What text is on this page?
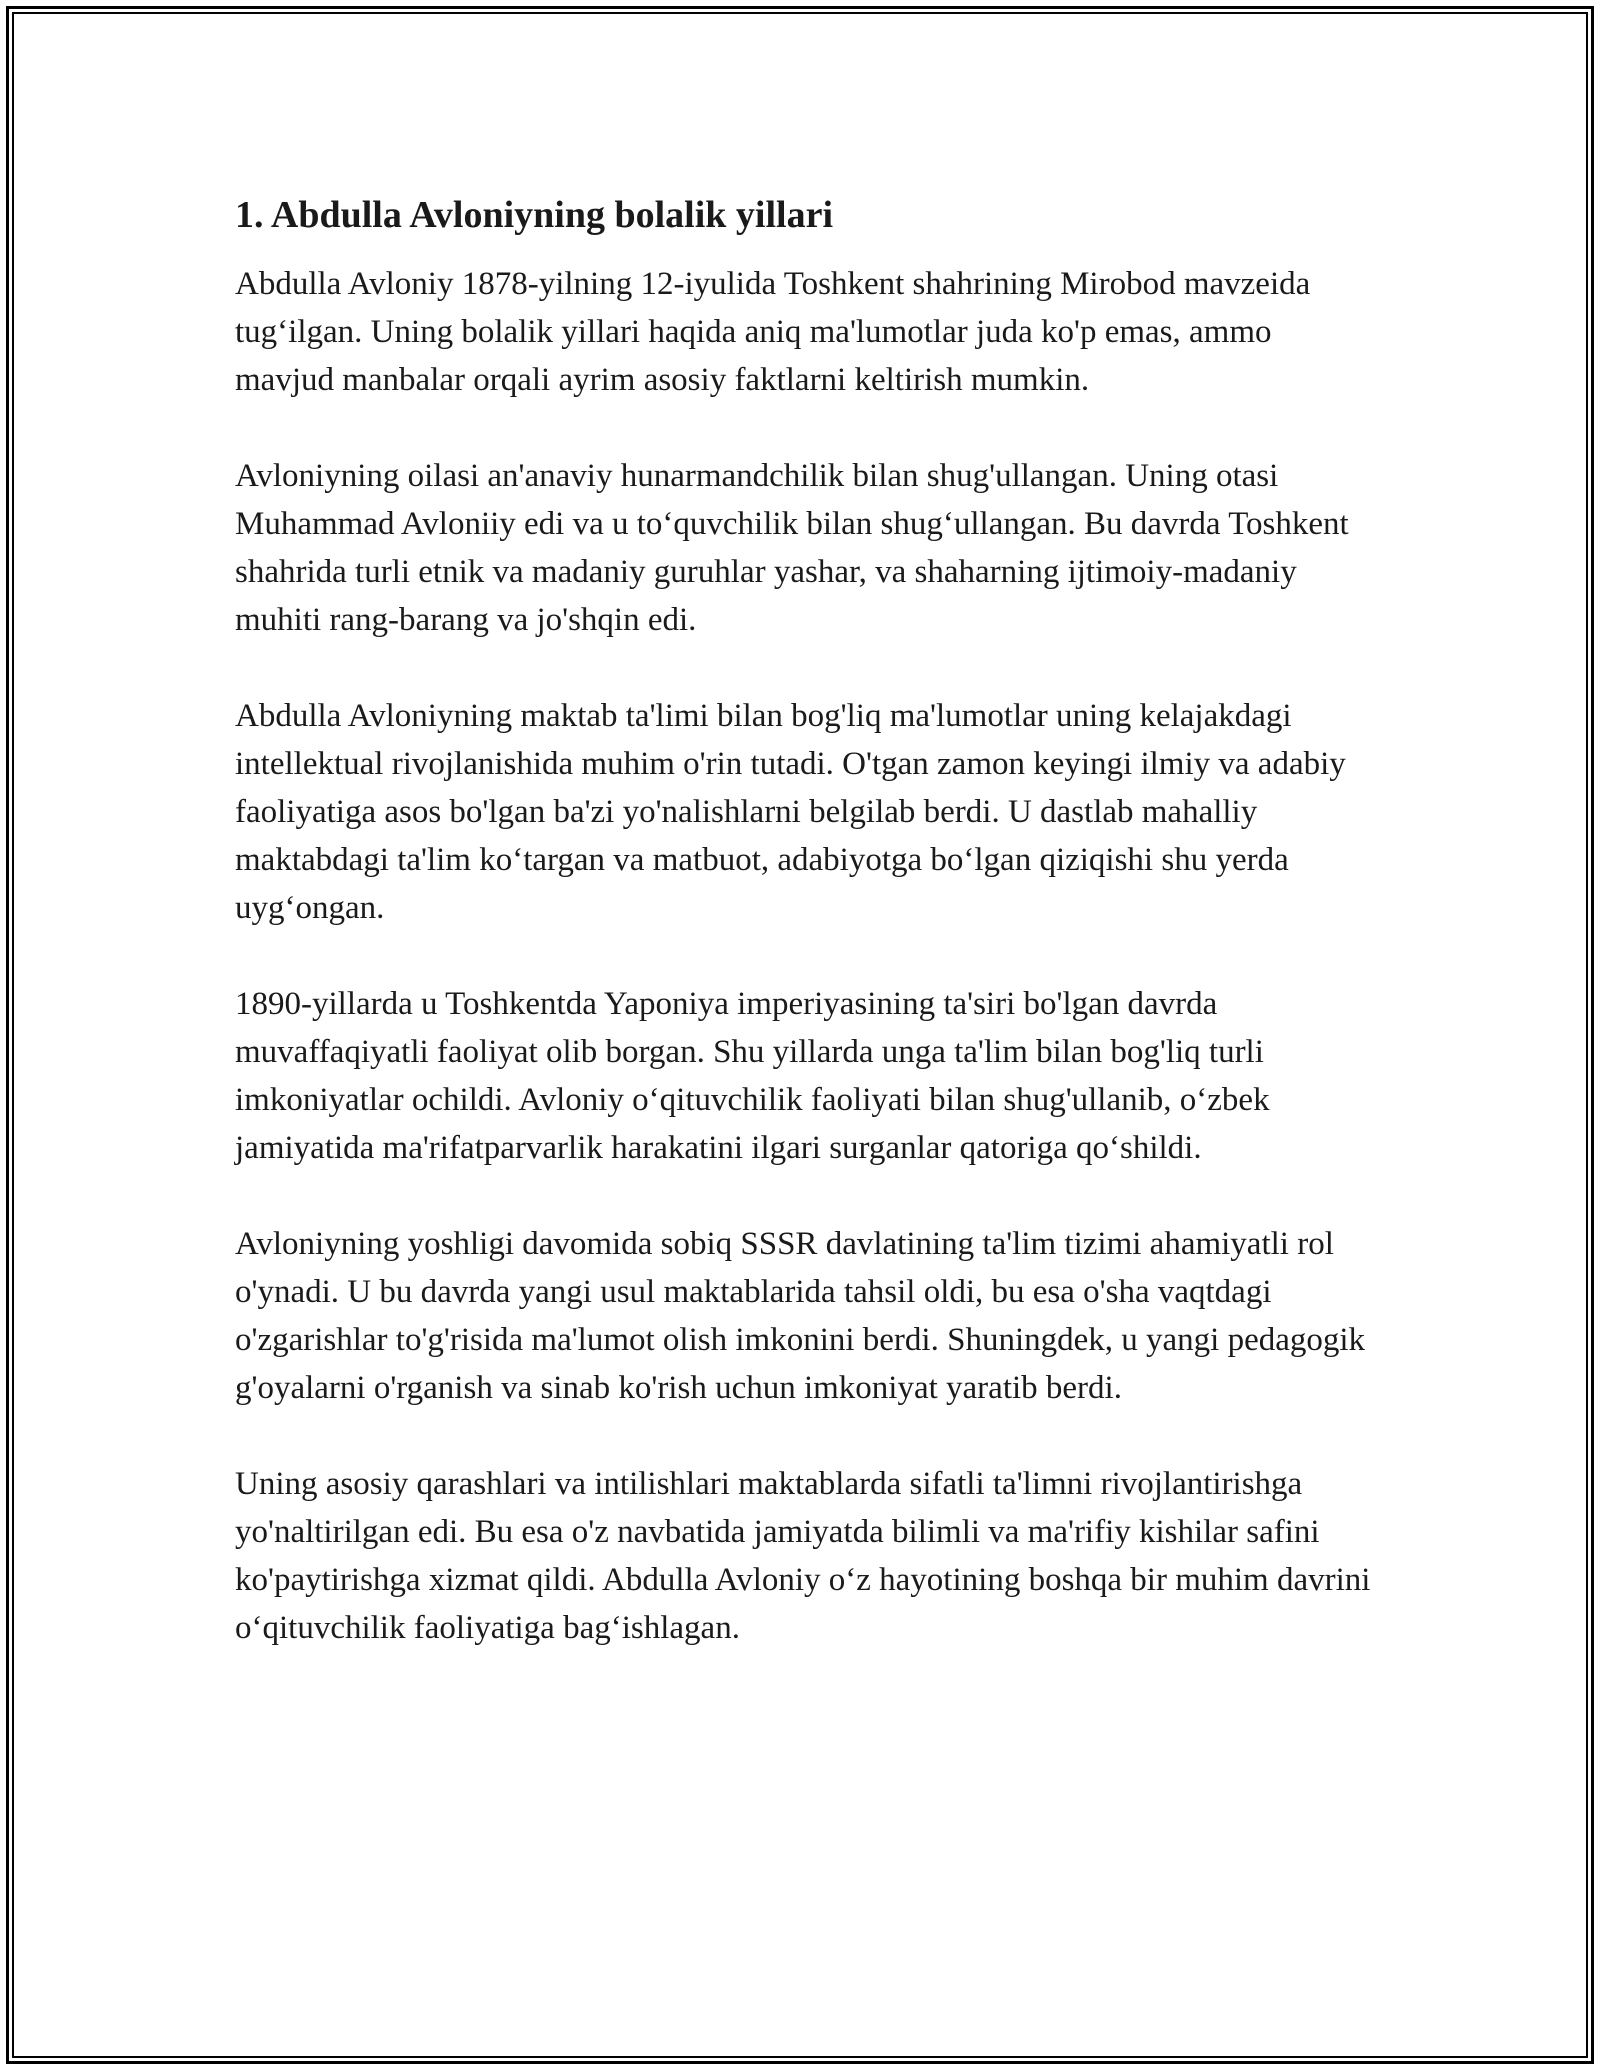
1. Abdulla Avloniyning bolalik yillari

Abdulla Avloniy 1878-yilning 12-iyulida Toshkent shahrining Mirobod mavzeida tug‘ilgan. Uning bolalik yillari haqida aniq ma'lumotlar juda ko'p emas, ammo mavjud manbalar orqali ayrim asosiy faktlarni keltirish mumkin.

Avloniyning oilasi an'anaviy hunarmandchilik bilan shug'ullangan. Uning otasi Muhammad Avloniiy edi va u to‘quvchilik bilan shug‘ullangan. Bu davrda Toshkent shahrida turli etnik va madaniy guruhlar yashar, va shaharning ijtimoiy-madaniy muhiti rang-barang va jo'shqin edi.

Abdulla Avloniyning maktab ta'limi bilan bog'liq ma'lumotlar uning kelajakdagi intellektual rivojlanishida muhim o'rin tutadi. O'tgan zamon keyingi ilmiy va adabiy faoliyatiga asos bo'lgan ba'zi yo'nalishlarni belgilab berdi. U dastlab mahalliy maktabdagi ta'lim ko‘targan va matbuot, adabiyotga bo‘lgan qiziqishi shu yerda uyg‘ongan.

1890-yillarda u Toshkentda Yaponiya imperiyasining ta'siri bo'lgan davrda muvaffaqiyatli faoliyat olib borgan. Shu yillarda unga ta'lim bilan bog'liq turli imkoniyatlar ochildi. Avloniy o‘qituvchilik faoliyati bilan shug'ullanib, o‘zbek jamiyatida ma'rifatparvarlik harakatini ilgari surganlar qatoriga qo‘shildi.

Avloniyning yoshligi davomida sobiq SSSR davlatining ta'lim tizimi ahamiyatli rol o'ynadi. U bu davrda yangi usul maktablarida tahsil oldi, bu esa o'sha vaqtdagi o'zgarishlar to'g'risida ma'lumot olish imkonini berdi. Shuningdek, u yangi pedagogik g'oyalarni o'rganish va sinab ko'rish uchun imkoniyat yaratib berdi.

Uning asosiy qarashlari va intilishlari maktablarda sifatli ta'limni rivojlantirishga yo'naltirilgan edi. Bu esa o'z navbatida jamiyatda bilimli va ma'rifiy kishilar safini ko'paytirishga xizmat qildi. Abdulla Avloniy o‘z hayotining boshqa bir muhim davrini o‘qituvchilik faoliyatiga bag‘ishlagan.
